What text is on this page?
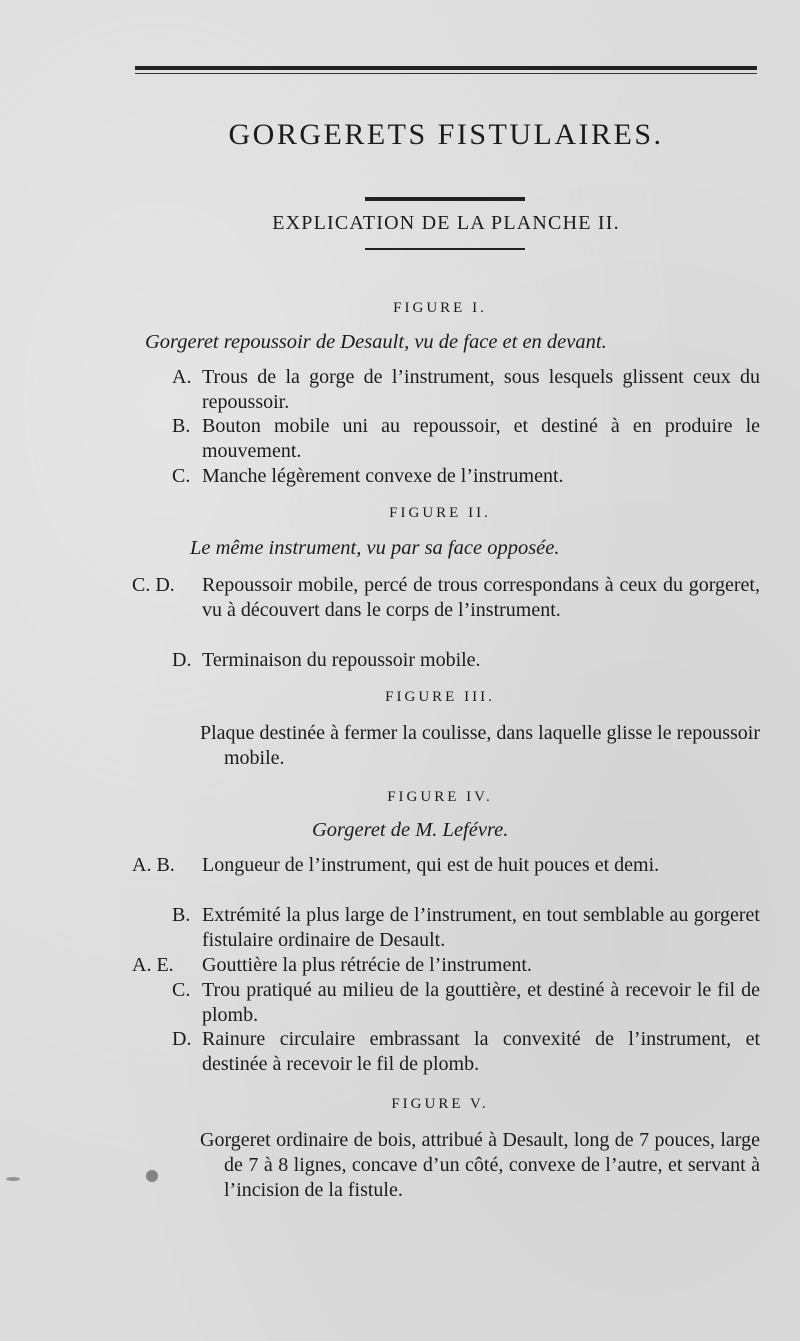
GORGERETS FISTULAIRES.
EXPLICATION DE LA PLANCHE II.
FIGURE I.
Gorgeret repoussoir de Desault, vu de face et en devant.
A. Trous de la gorge de l’instrument, sous lesquels glissent ceux du repoussoir.
B. Bouton mobile uni au repoussoir, et destiné à en produire le mouvement.
C. Manche légèrement convexe de l’instrument.
FIGURE II.
Le même instrument, vu par sa face opposée.
C. D. Repoussoir mobile, percé de trous correspondans à ceux du gorgeret, vu à découvert dans le corps de l’instrument.
D. Terminaison du repoussoir mobile.
FIGURE III.
Plaque destinée à fermer la coulisse, dans laquelle glisse le repoussoir mobile.
FIGURE IV.
Gorgeret de M. Lefévre.
A. B. Longueur de l’instrument, qui est de huit pouces et demi.
B. Extrémité la plus large de l’instrument, en tout semblable au gorgeret fistulaire ordinaire de Desault.
A. E. Gouttière la plus rétrécie de l’instrument.
C. Trou pratiqué au milieu de la gouttière, et destiné à recevoir le fil de plomb.
D. Rainure circulaire embrassant la convexité de l’instrument, et destinée à recevoir le fil de plomb.
FIGURE V.
Gorgeret ordinaire de bois, attribué à Desault, long de 7 pouces, large de 7 à 8 lignes, concave d’un côté, convexe de l’autre, et servant à l’incision de la fistule.
